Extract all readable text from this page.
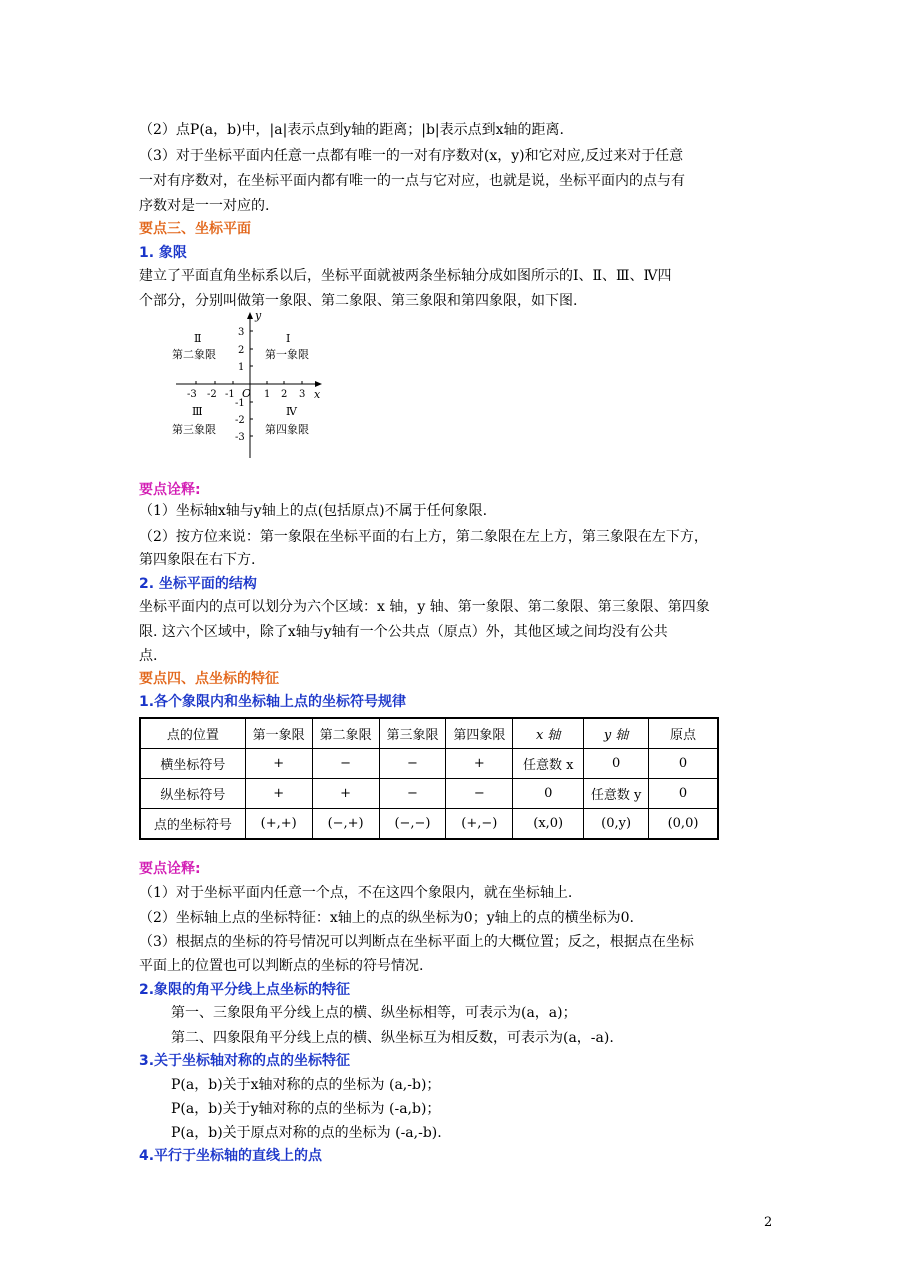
（2）点P(a，b)中，|a|表示点到y轴的距离；|b|表示点到x轴的距离.
（3）对于坐标平面内任意一点都有唯一的一对有序数对(x，y)和它对应,反过来对于任意
一对有序数对，在坐标平面内都有唯一的一点与它对应，也就是说，坐标平面内的点与有
序数对是一一对应的.
要点三、坐标平面
1. 象限
建立了平面直角坐标系以后，坐标平面就被两条坐标轴分成如图所示的Ⅰ、Ⅱ、Ⅲ、Ⅳ四
个部分，分别叫做第一象限、第二象限、第三象限和第四象限，如下图.
x
y
O
-3 -2 -1	1 2 3
3
2
1
-1
-2
-3
Ⅰ
第一象限
Ⅱ
第二象限
Ⅲ
第三象限
Ⅳ
第四象限
要点诠释:
（1）坐标轴x轴与y轴上的点(包括原点)不属于任何象限.
（2）按方位来说：第一象限在坐标平面的右上方，第二象限在左上方，第三象限在左下方，
第四象限在右下方.
2. 坐标平面的结构
坐标平面内的点可以划分为六个区域：x 轴，y 轴、第一象限、第二象限、第三象限、第四象
限. 这六个区域中，除了x轴与y轴有一个公共点（原点）外，其他区域之间均没有公共
点.
要点四、点坐标的特征
1.各个象限内和坐标轴上点的坐标符号规律
点的位置	第一象限	第二象限	第三象限	第四象限	x 轴	y 轴	原点
横坐标符号	+	−	−	+	任意数 x	0	0
纵坐标符号	+	+	−	−	0	任意数 y	0
点的坐标符号	(+,+)	(−,+)	(−,−)	(+,−)	(x,0)	(0,y)	(0,0)
要点诠释:
（1）对于坐标平面内任意一个点，不在这四个象限内，就在坐标轴上.
（2）坐标轴上点的坐标特征：x轴上的点的纵坐标为0；y轴上的点的横坐标为0.
（3）根据点的坐标的符号情况可以判断点在坐标平面上的大概位置；反之，根据点在坐标
平面上的位置也可以判断点的坐标的符号情况.
2.象限的角平分线上点坐标的特征
第一、三象限角平分线上点的横、纵坐标相等，可表示为(a，a)；
第二、四象限角平分线上点的横、纵坐标互为相反数，可表示为(a，-a).
3.关于坐标轴对称的点的坐标特征
P(a，b)关于x轴对称的点的坐标为 (a,-b)；
P(a，b)关于y轴对称的点的坐标为 (-a,b)；
P(a，b)关于原点对称的点的坐标为 (-a,-b).
4.平行于坐标轴的直线上的点
2
